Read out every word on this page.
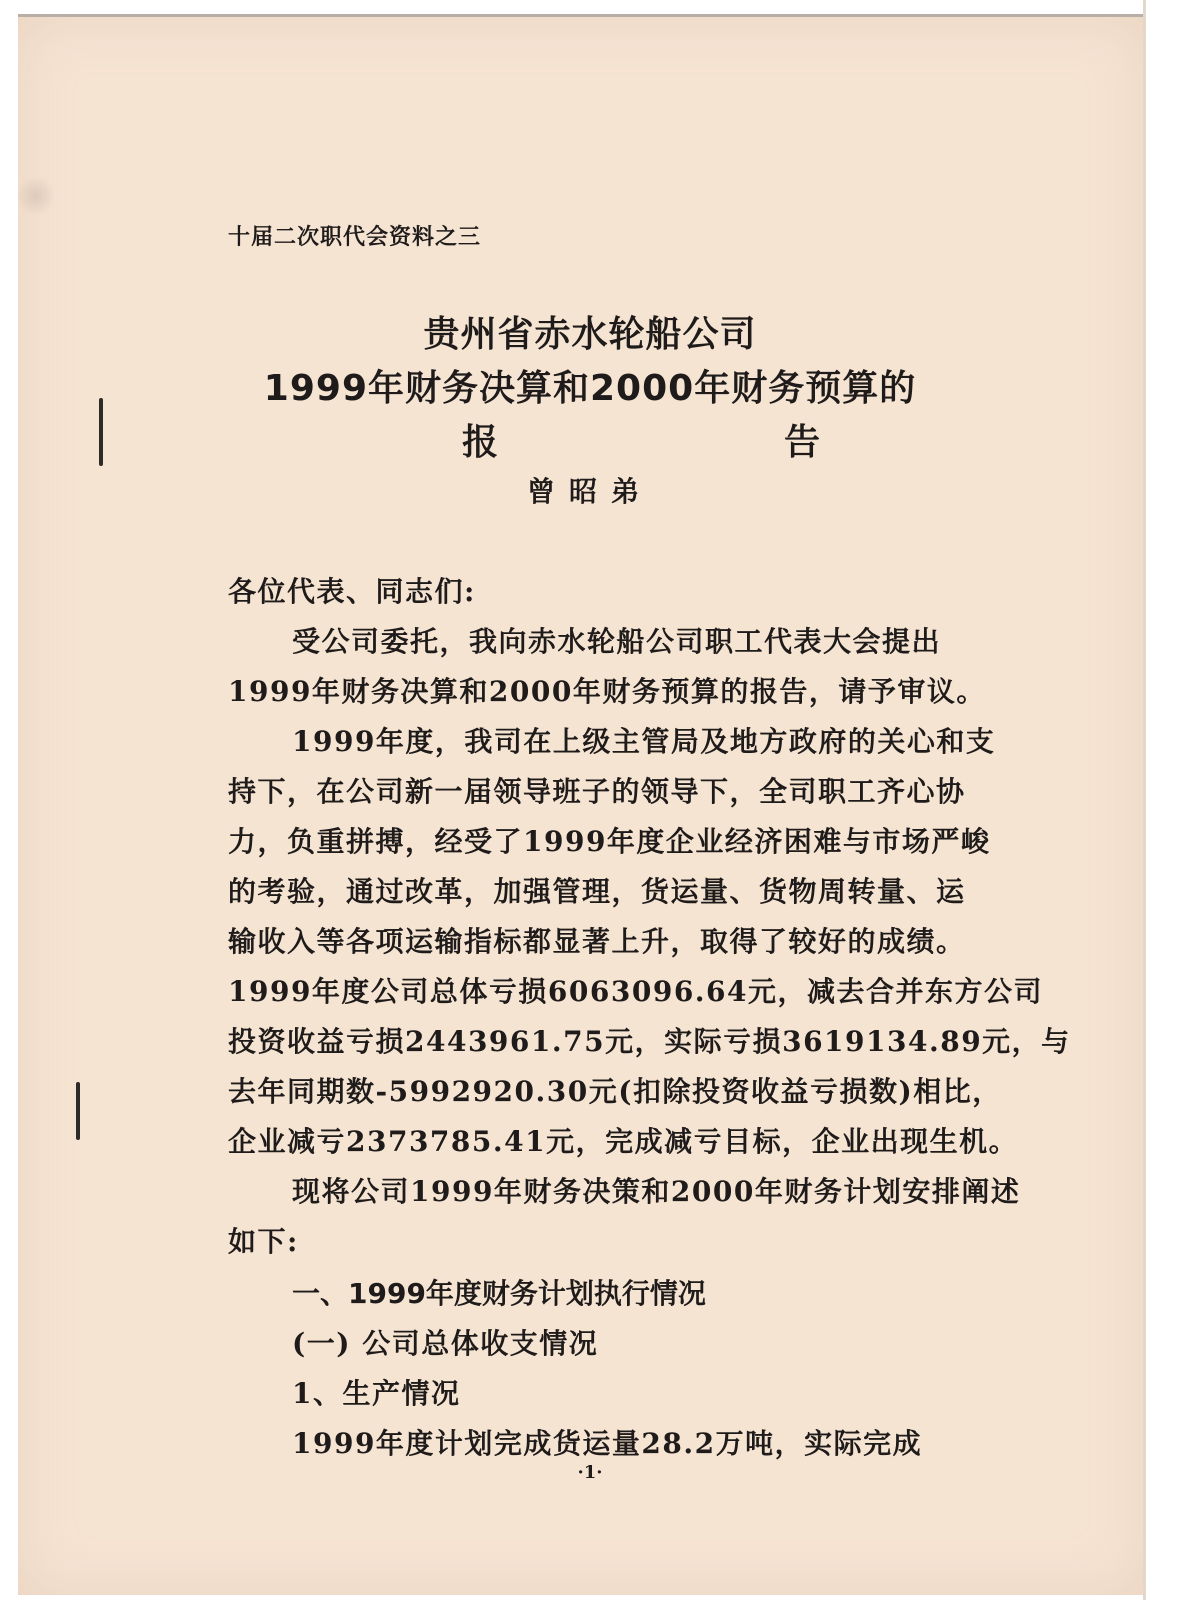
十届二次职代会资料之三
贵州省赤水轮船公司
1999年财务决算和2000年财务预算的
报	告
曾昭弟
各位代表、同志们:
受公司委托，我向赤水轮船公司职工代表大会提出
1999年财务决算和2000年财务预算的报告，请予审议。
1999年度，我司在上级主管局及地方政府的关心和支
持下，在公司新一届领导班子的领导下，全司职工齐心协
力，负重拼搏，经受了1999年度企业经济困难与市场严峻
的考验，通过改革，加强管理，货运量、货物周转量、运
输收入等各项运输指标都显著上升，取得了较好的成绩。
1999年度公司总体亏损6063096.64元，减去合并东方公司
投资收益亏损2443961.75元，实际亏损3619134.89元，与
去年同期数-5992920.30元(扣除投资收益亏损数)相比，
企业减亏2373785.41元，完成减亏目标，企业出现生机。
现将公司1999年财务决策和2000年财务计划安排阐述
如下:
一、1999年度财务计划执行情况
(一) 公司总体收支情况
1、生产情况
1999年度计划完成货运量28.2万吨，实际完成
·1·
